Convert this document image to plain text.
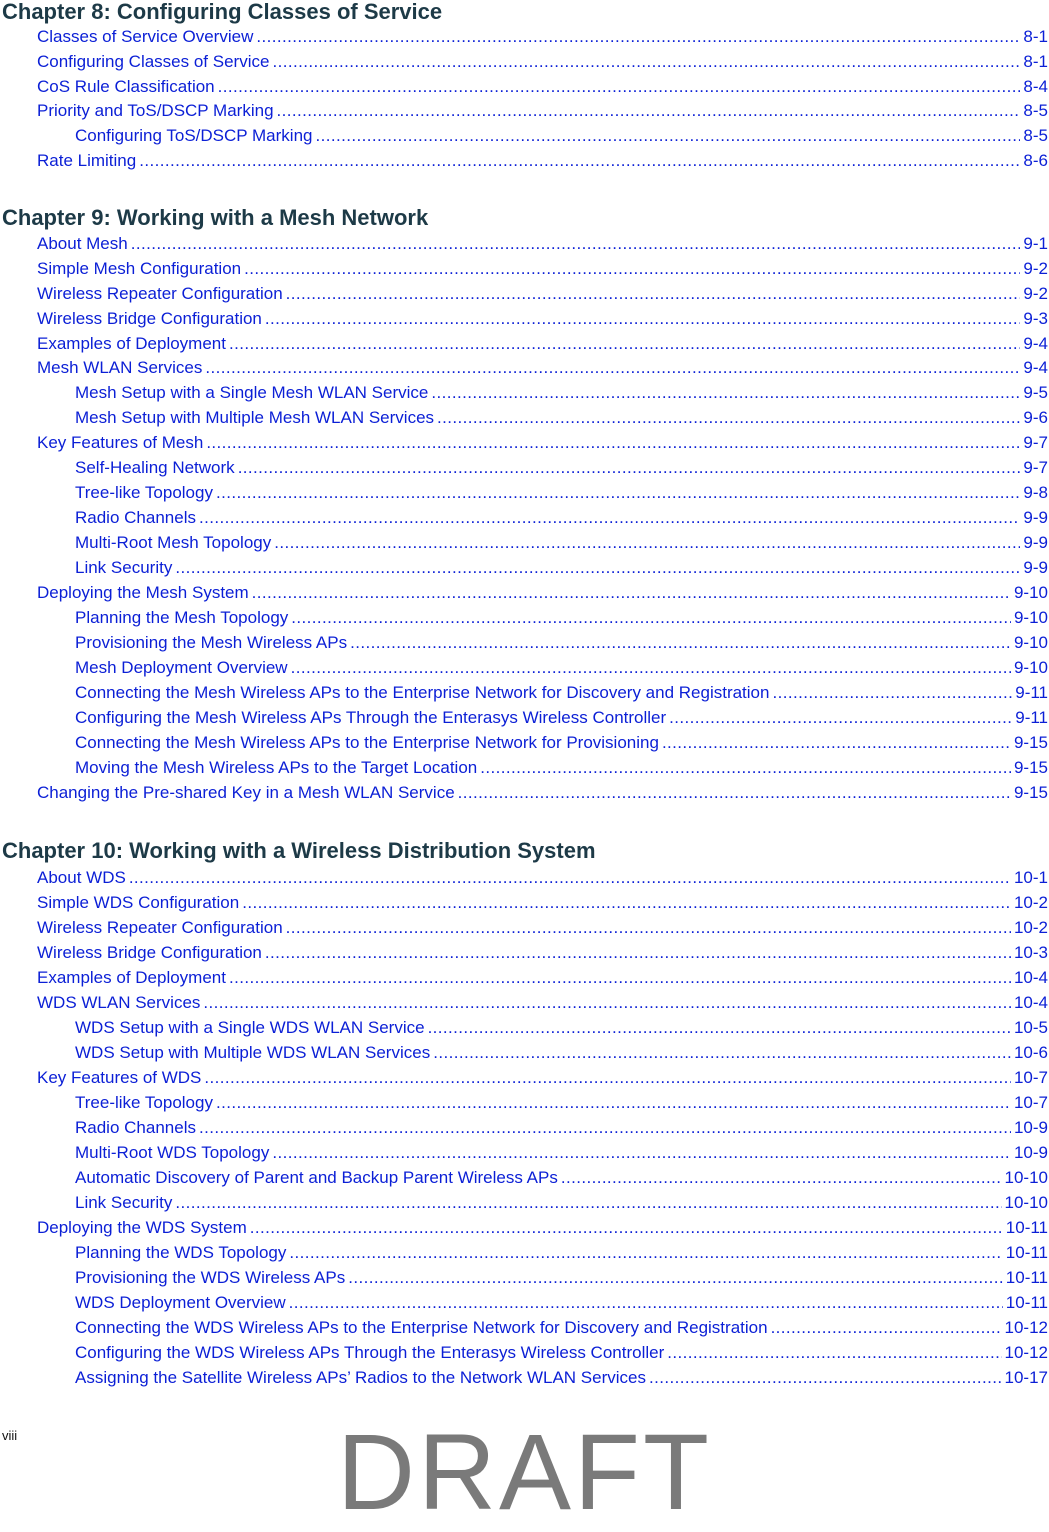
Chapter 8: Configuring Classes of Service
Classes of Service Overview .....	8-1
Configuring Classes of Service .....	8-1
CoS Rule Classification .....	8-4
Priority and ToS/DSCP Marking .....	8-5
Configuring ToS/DSCP Marking .....	8-5
Rate Limiting .....	8-6
Chapter 9: Working with a Mesh Network
About Mesh .....	9-1
Simple Mesh Configuration .....	9-2
Wireless Repeater Configuration .....	9-2
Wireless Bridge Configuration .....	9-3
Examples of Deployment .....	9-4
Mesh WLAN Services .....	9-4
Mesh Setup with a Single Mesh WLAN Service .....	9-5
Mesh Setup with Multiple Mesh WLAN Services .....	9-6
Key Features of Mesh .....	9-7
Self-Healing Network .....	9-7
Tree-like Topology .....	9-8
Radio Channels .....	9-9
Multi-Root Mesh Topology .....	9-9
Link Security .....	9-9
Deploying the Mesh System .....	9-10
Planning the Mesh Topology .....	9-10
Provisioning the Mesh Wireless APs .....	9-10
Mesh Deployment Overview .....	9-10
Connecting the Mesh Wireless APs to the Enterprise Network for Discovery and Registration .....	9-11
Configuring the Mesh Wireless APs Through the Enterasys Wireless Controller .....	9-11
Connecting the Mesh Wireless APs to the Enterprise Network for Provisioning .....	9-15
Moving the Mesh Wireless APs to the Target Location .....	9-15
Changing the Pre-shared Key in a Mesh WLAN Service .....	9-15
Chapter 10: Working with a Wireless Distribution System
About WDS .....	10-1
Simple WDS Configuration .....	10-2
Wireless Repeater Configuration .....	10-2
Wireless Bridge Configuration .....	10-3
Examples of Deployment .....	10-4
WDS WLAN Services .....	10-4
WDS Setup with a Single WDS WLAN Service .....	10-5
WDS Setup with Multiple WDS WLAN Services .....	10-6
Key Features of WDS .....	10-7
Tree-like Topology .....	10-7
Radio Channels .....	10-9
Multi-Root WDS Topology .....	10-9
Automatic Discovery of Parent and Backup Parent Wireless APs .....	10-10
Link Security .....	10-10
Deploying the WDS System .....	10-11
Planning the WDS Topology .....	10-11
Provisioning the WDS Wireless APs .....	10-11
WDS Deployment Overview .....	10-11
Connecting the WDS Wireless APs to the Enterprise Network for Discovery and Registration .....	10-12
Configuring the WDS Wireless APs Through the Enterasys Wireless Controller .....	10-12
Assigning the Satellite Wireless APs’ Radios to the Network WLAN Services .....	10-17
viii	DRAFT
